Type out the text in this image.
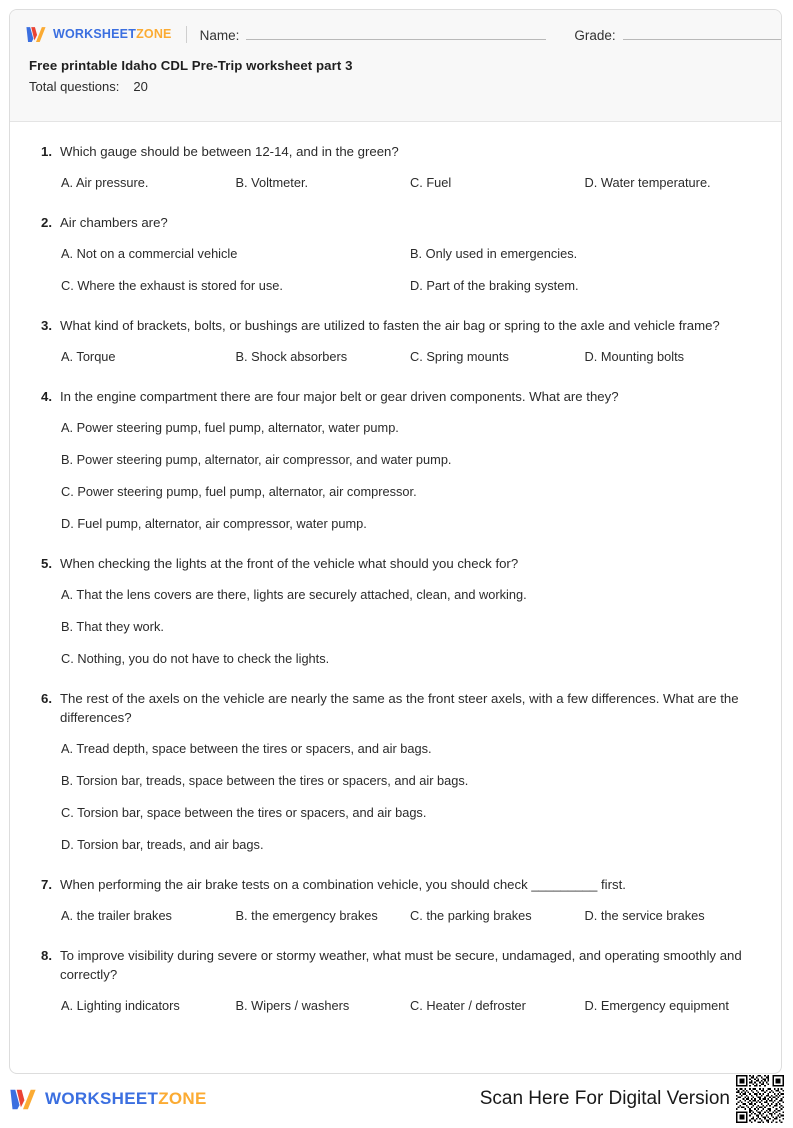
WORKSHEETZONE Name:	Grade:
Free printable Idaho CDL Pre-Trip worksheet part 3
Total questions: 20
1. Which gauge should be between 12-14, and in the green?
A. Air pressure.	B. Voltmeter.	C. Fuel	D. Water temperature.
2. Air chambers are?
A. Not on a commercial vehicle	B. Only used in emergencies.
C. Where the exhaust is stored for use.	D. Part of the braking system.
3. What kind of brackets, bolts, or bushings are utilized to fasten the air bag or spring to the axle and vehicle frame?
A. Torque	B. Shock absorbers	C. Spring mounts	D. Mounting bolts
4. In the engine compartment there are four major belt or gear driven components. What are they?
A. Power steering pump, fuel pump, alternator, water pump.
B. Power steering pump, alternator, air compressor, and water pump.
C. Power steering pump, fuel pump, alternator, air compressor.
D. Fuel pump, alternator, air compressor, water pump.
5. When checking the lights at the front of the vehicle what should you check for?
A. That the lens covers are there, lights are securely attached, clean, and working.
B. That they work.
C. Nothing, you do not have to check the lights.
6. The rest of the axels on the vehicle are nearly the same as the front steer axels, with a few differences. What are the differences?
A. Tread depth, space between the tires or spacers, and air bags.
B. Torsion bar, treads, space between the tires or spacers, and air bags.
C. Torsion bar, space between the tires or spacers, and air bags.
D. Torsion bar, treads, and air bags.
7. When performing the air brake tests on a combination vehicle, you should check _________ first.
A. the trailer brakes	B. the emergency brakes	C. the parking brakes	D. the service brakes
8. To improve visibility during severe or stormy weather, what must be secure, undamaged, and operating smoothly and correctly?
A. Lighting indicators	B. Wipers / washers	C. Heater / defroster	D. Emergency equipment
WORKSHEETZONE	Scan Here For Digital Version
